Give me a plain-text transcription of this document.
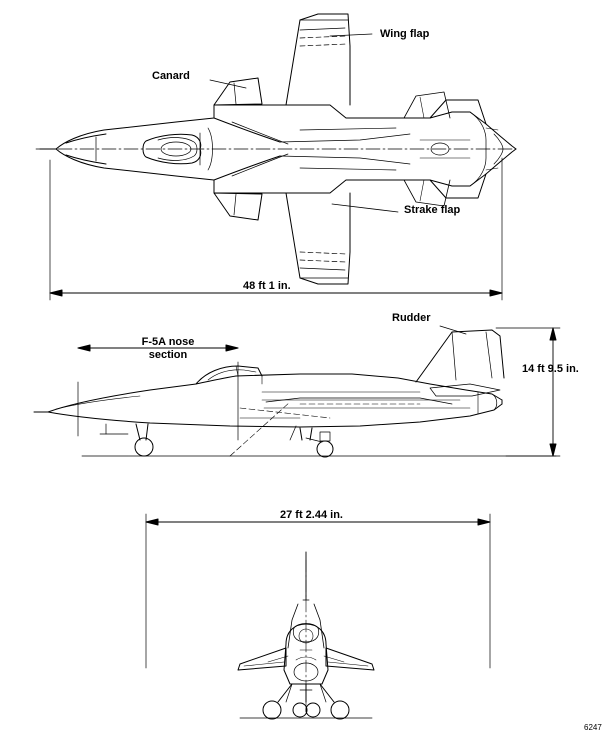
Wing flap
Canard
Strake flap
Rudder
F-5A nose
section
48 ft 1 in.
14 ft 9.5 in.
27 ft 2.44 in.
6247
